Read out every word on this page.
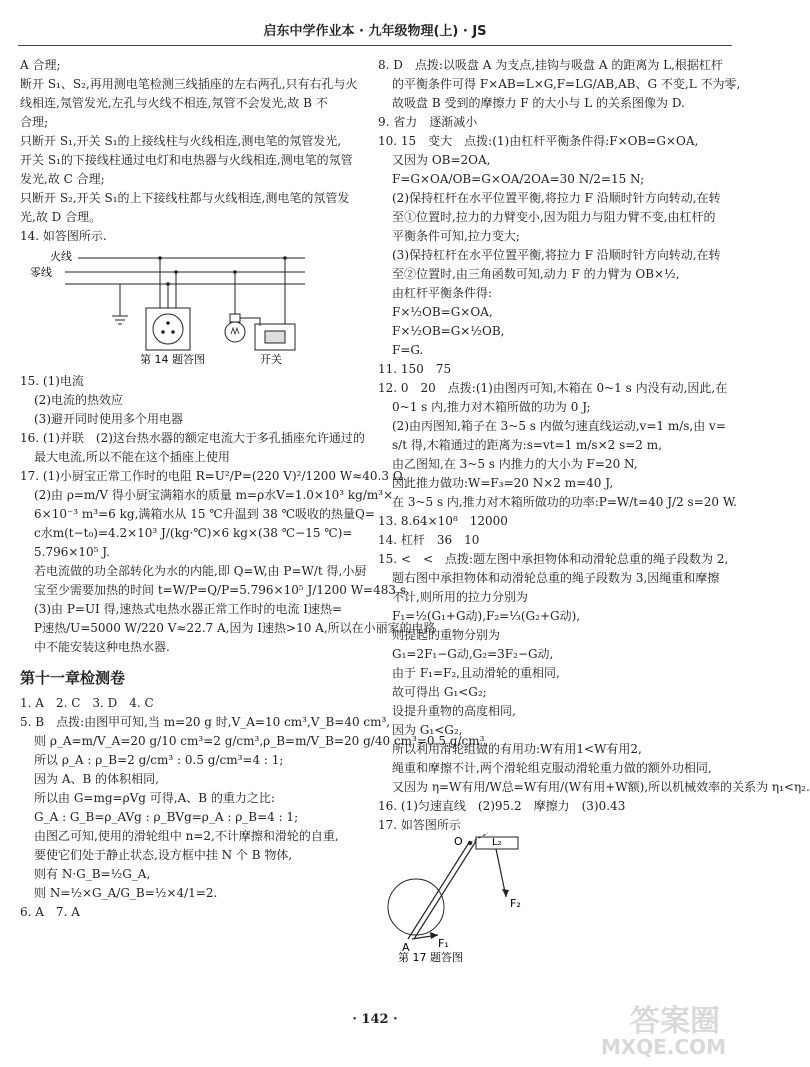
启东中学作业本 · 九年级物理(上) · JS

A 合理;

断开 S₁、S₂,再用测电笔检测三线插座的左右两孔,只有右孔与火

线相连,氖管发光,左孔与火线不相连,氖管不会发光,故 B 不

合理;

只断开 S₁,开关 S₁的上接线柱与火线相连,测电笔的氖管发光,

开关 S₁的下接线柱通过电灯和电热器与火线相连,测电笔的氖管

发光,故 C 合理;

只断开 S₂,开关 S₁的上下接线柱都与火线相连,测电笔的氖管发

光,故 D 合理。

14. 如答图所示.

火线
零线
开关
第 14 题答图

15. (1)电流

(2)电流的热效应

(3)避开同时使用多个用电器

16. (1)并联　(2)这台热水器的额定电流大于多孔插座允许通过的

最大电流,所以不能在这个插座上使用

17. (1)小厨宝正常工作时的电阻 R=U²/P=(220 V)²/1200 W≈40.3 Ω.

(2)由 ρ=m/V 得小厨宝满箱水的质量 m=ρ水V=1.0×10³ kg/m³×

6×10⁻³ m³=6 kg,满箱水从 15 ℃升温到 38 ℃吸收的热量Q=

c水m(t−t₀)=4.2×10³ J/(kg·℃)×6 kg×(38 ℃−15 ℃)=

5.796×10⁵ J.

若电流做的功全部转化为水的内能,即 Q=W,由 P=W/t 得,小厨

宝至少需要加热的时间 t=W/P=Q/P=5.796×10⁵ J/1200 W=483 s.

(3)由 P=UI 得,速热式电热水器正常工作时的电流 I速热=

P速热/U=5000 W/220 V≈22.7 A,因为 I速热>10 A,所以在小丽家的电路

中不能安装这种电热水器.

第十一章检测卷

1. A　2. C　3. D　4. C

5. B　点拨:由图甲可知,当 m=20 g 时,V_A=10 cm³,V_B=40 cm³,

则 ρ_A=m/V_A=20 g/10 cm³=2 g/cm³,ρ_B=m/V_B=20 g/40 cm³=0.5 g/cm³,

所以 ρ_A : ρ_B=2 g/cm³ : 0.5 g/cm³=4 : 1;

因为 A、B 的体积相同,

所以由 G=mg=ρVg 可得,A、B 的重力之比:

G_A : G_B=ρ_AVg : ρ_BVg=ρ_A : ρ_B=4 : 1;

由图乙可知,使用的滑轮组中 n=2,不计摩擦和滑轮的自重,

要使它们处于静止状态,设方框中挂 N 个 B 物体,

则有 N·G_B=½G_A,

则 N=½×G_A/G_B=½×4/1=2.

6. A　7. A

8. D　点拨:以吸盘 A 为支点,挂钩与吸盘 A 的距离为 L,根据杠杆

的平衡条件可得 F×AB=L×G,F=LG/AB,AB、G 不变,L 不为零,

故吸盘 B 受到的摩擦力 F 的大小与 L 的关系图像为 D.

9. 省力　逐渐减小

10. 15　变大　点拨:(1)由杠杆平衡条件得:F×OB=G×OA,

又因为 OB=2OA,

F=G×OA/OB=G×OA/2OA=30 N/2=15 N;

(2)保持杠杆在水平位置平衡,将拉力 F 沿顺时针方向转动,在转

至①位置时,拉力的力臂变小,因为阻力与阻力臂不变,由杠杆的

平衡条件可知,拉力变大;

(3)保持杠杆在水平位置平衡,将拉力 F 沿顺时针方向转动,在转

至②位置时,由三角函数可知,动力 F 的力臂为 OB×½,

由杠杆平衡条件得:

F×½OB=G×OA,

F×½OB=G×½OB,

F=G.

11. 150　75

12. 0　20　点拨:(1)由图丙可知,木箱在 0~1 s 内没有动,因此,在

0~1 s 内,推力对木箱所做的功为 0 J;

(2)由丙图知,箱子在 3~5 s 内做匀速直线运动,v=1 m/s,由 v=

s/t 得,木箱通过的距离为:s=vt=1 m/s×2 s=2 m,

由乙图知,在 3~5 s 内推力的大小为 F=20 N,

因此推力做功:W=F₃=20 N×2 m=40 J,

在 3~5 s 内,推力对木箱所做功的功率:P=W/t=40 J/2 s=20 W.

13. 8.64×10⁸　12000

14. 杠杆　36　10

15. <　<　点拨:题左图中承担物体和动滑轮总重的绳子段数为 2,

题右图中承担物体和动滑轮总重的绳子段数为 3,因绳重和摩擦

不计,则所用的拉力分别为

F₁=½(G₁+G动),F₂=⅓(G₂+G动),

则提起的重物分别为

G₁=2F₁−G动,G₂=3F₂−G动,

由于 F₁=F₂,且动滑轮的重相同,

故可得出 G₁<G₂;

设提升重物的高度相同,

因为 G₁<G₂,

所以利用滑轮组做的有用功:W有用1<W有用2,

绳重和摩擦不计,两个滑轮组克服动滑轮重力做的额外功相同,

又因为 η=W有用/W总=W有用/(W有用+W额),所以机械效率的关系为 η₁<η₂.

16. (1)匀速直线　(2)95.2　摩擦力　(3)0.43

17. 如答图所示

O	L₂
F₂
A	F₁
第 17 题答图
· 142 ·	答案圈
MXQE.COM
